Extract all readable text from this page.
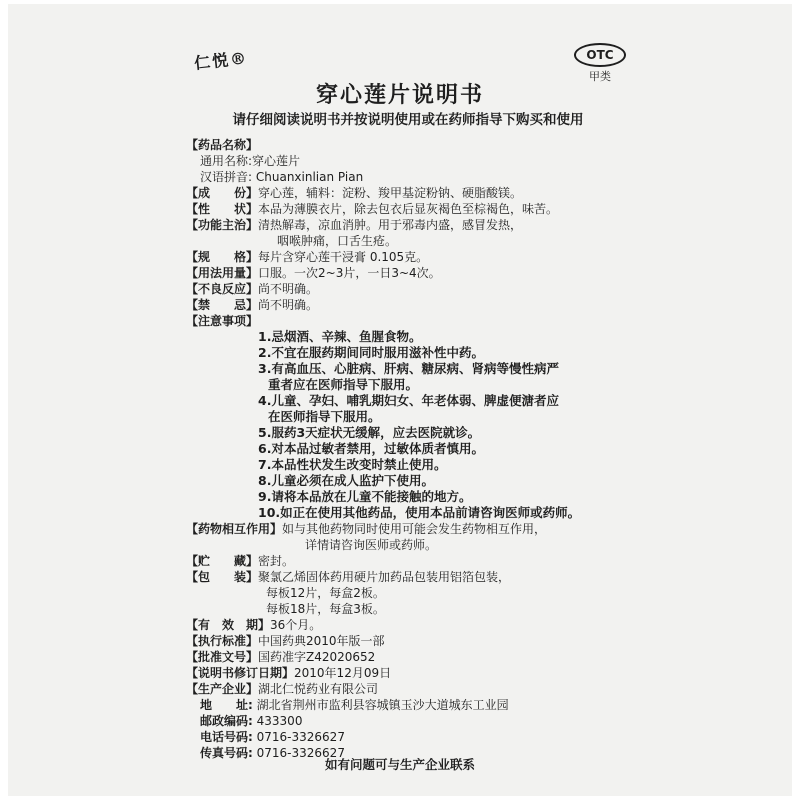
仁悦®	OTC
甲类
穿心莲片说明书
请仔细阅读说明书并按说明使用或在药师指导下购买和使用
【药品名称】
通用名称:穿心莲片
汉语拼音: Chuanxinlian Pian
【成　　份】穿心莲，辅料：淀粉、羧甲基淀粉钠、硬脂酸镁。
【性　　状】本品为薄膜衣片，除去包衣后显灰褐色至棕褐色，味苦。
【功能主治】清热解毒，凉血消肿。用于邪毒内盛，感冒发热，
咽喉肿痛，口舌生疮。
【规　　格】每片含穿心莲干浸膏 0.105克。
【用法用量】口服。一次2~3片，一日3~4次。
【不良反应】尚不明确。
【禁　　忌】尚不明确。
【注意事项】
1.忌烟酒、辛辣、鱼腥食物。
2.不宜在服药期间同时服用滋补性中药。
3.有高血压、心脏病、肝病、糖尿病、肾病等慢性病严
重者应在医师指导下服用。
4.儿童、孕妇、哺乳期妇女、年老体弱、脾虚便溏者应
在医师指导下服用。
5.服药3天症状无缓解，应去医院就诊。
6.对本品过敏者禁用，过敏体质者慎用。
7.本品性状发生改变时禁止使用。
8.儿童必须在成人监护下使用。
9.请将本品放在儿童不能接触的地方。
10.如正在使用其他药品，使用本品前请咨询医师或药师。
【药物相互作用】如与其他药物同时使用可能会发生药物相互作用，
详情请咨询医师或药师。
【贮　　藏】密封。
【包　　装】聚氯乙烯固体药用硬片加药品包装用铝箔包装，
每板12片，每盒2板。
每板18片，每盒3板。
【有　效　期】36个月。
【执行标准】中国药典2010年版一部
【批准文号】国药准字Z42020652
【说明书修订日期】2010年12月09日
【生产企业】湖北仁悦药业有限公司
地　　址: 湖北省荆州市监利县容城镇玉沙大道城东工业园
邮政编码: 433300
电话号码: 0716-3326627
传真号码: 0716-3326627
如有问题可与生产企业联系
